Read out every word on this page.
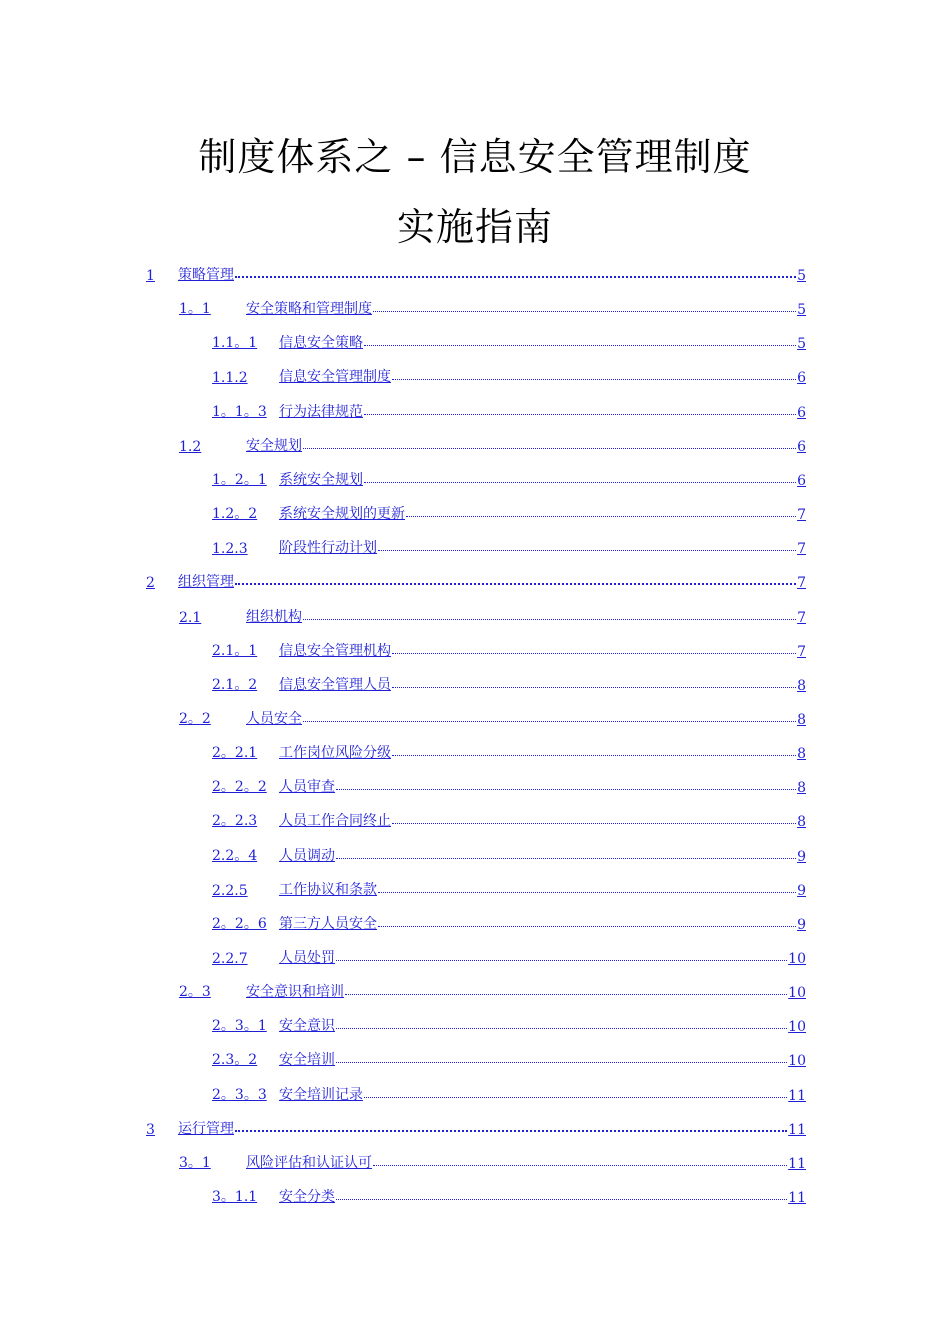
制度体系之 – 信息安全管理制度
实施指南
1	策略管理	5
1。1	安全策略和管理制度	5
1.1。1	信息安全策略	5
1.1.2	信息安全管理制度	6
1。1。3 行为法律规范	6
1.2	安全规划	6
1。2。1 系统安全规划	6
1.2。2	系统安全规划的更新	7
1.2.3	阶段性行动计划	7
2	组织管理	7
2.1	组织机构	7
2.1。1	信息安全管理机构	7
2.1。2	信息安全管理人员	8
2。2	人员安全	8
2。2.1	工作岗位风险分级	8
2。2。2 人员审查	8
2。2.3	人员工作合同终止	8
2.2。4	人员调动	9
2.2.5	工作协议和条款	9
2。2。6 第三方人员安全	9
2.2.7	人员处罚	10
2。3	安全意识和培训	10
2。3。1 安全意识	10
2.3。2	安全培训	10
2。3。3 安全培训记录	11
3	运行管理	11
3。1	风险评估和认证认可	11
3。1.1	安全分类	11
